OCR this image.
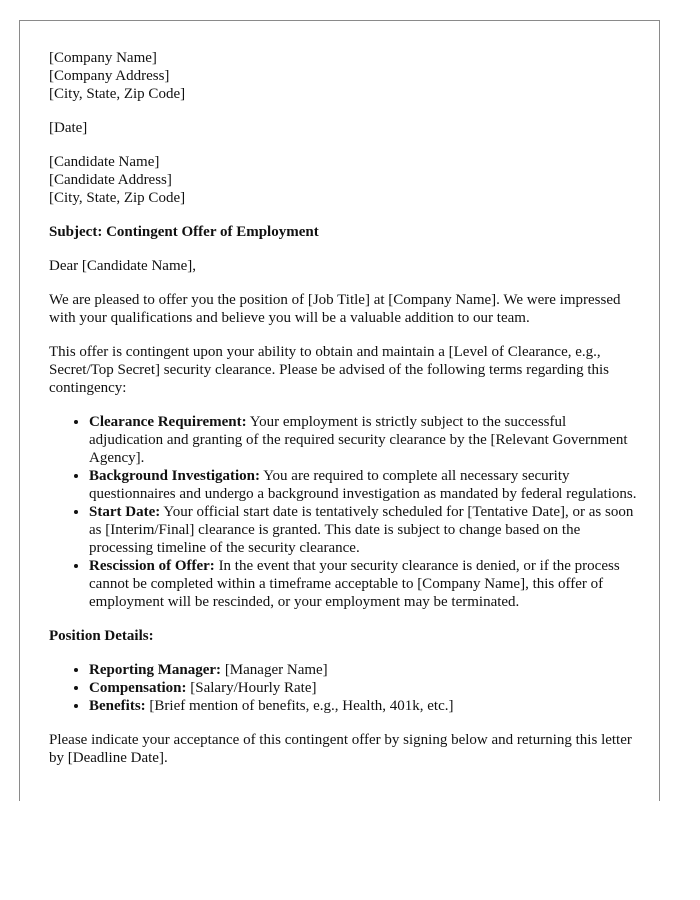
[Company Name]
[Company Address]
[City, State, Zip Code]
[Date]
[Candidate Name]
[Candidate Address]
[City, State, Zip Code]

Subject: Contingent Offer of Employment

Dear [Candidate Name],

We are pleased to offer you the position of [Job Title] at [Company Name]. We were impressed with your qualifications and believe you will be a valuable addition to our team.

This offer is contingent upon your ability to obtain and maintain a [Level of Clearance, e.g., Secret/Top Secret] security clearance. Please be advised of the following terms regarding this contingency:

• Clearance Requirement: Your employment is strictly subject to the successful adjudication and granting of the required security clearance by the [Relevant Government Agency].
• Background Investigation: You are required to complete all necessary security questionnaires and undergo a background investigation as mandated by federal regulations.
• Start Date: Your official start date is tentatively scheduled for [Tentative Date], or as soon as [Interim/Final] clearance is granted. This date is subject to change based on the processing timeline of the security clearance.
• Rescission of Offer: In the event that your security clearance is denied, or if the process cannot be completed within a timeframe acceptable to [Company Name], this offer of employment will be rescinded, or your employment may be terminated.
Position Details:
• Reporting Manager: [Manager Name]
• Compensation: [Salary/Hourly Rate]
• Benefits: [Brief mention of benefits, e.g., Health, 401k, etc.]

Please indicate your acceptance of this contingent offer by signing below and returning this letter by [Deadline Date].
